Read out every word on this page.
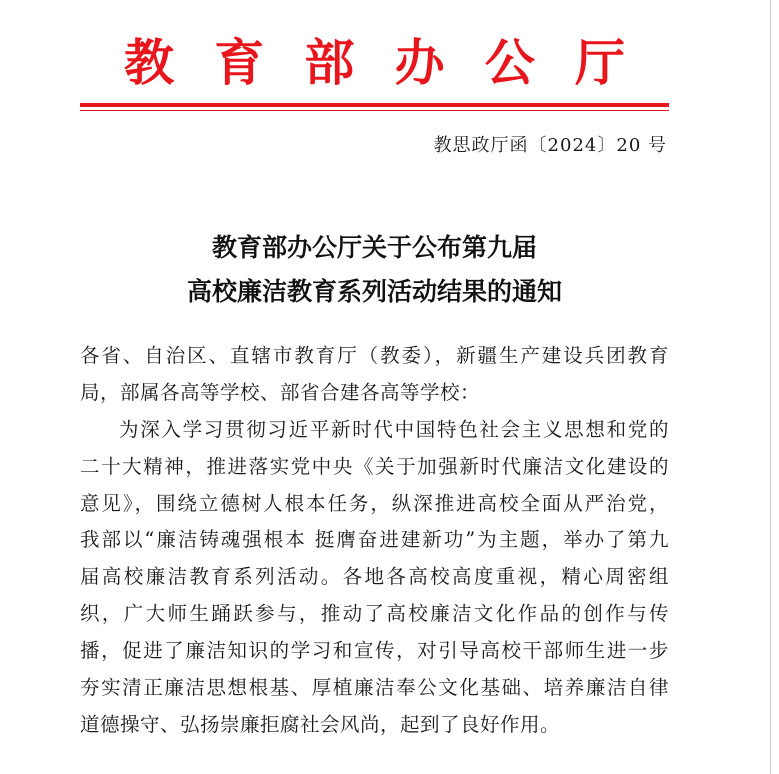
教 育 部 办 公 厅
教思政厅函〔2024〕20 号
教育部办公厅关于公布第九届
高校廉洁教育系列活动结果的通知
各省、自治区、直辖市教育厅（教委），新疆生产建设兵团教育
局，部属各高等学校、部省合建各高等学校：
为深入学习贯彻习近平新时代中国特色社会主义思想和党的
二十大精神，推进落实党中央《关于加强新时代廉洁文化建设的
意见》，围绕立德树人根本任务，纵深推进高校全面从严治党，
我部以“廉洁铸魂强根本 挺膺奋进建新功”为主题，举办了第九
届高校廉洁教育系列活动。各地各高校高度重视，精心周密组
织，广大师生踊跃参与，推动了高校廉洁文化作品的创作与传
播，促进了廉洁知识的学习和宣传，对引导高校干部师生进一步
夯实清正廉洁思想根基、厚植廉洁奉公文化基础、培养廉洁自律
道德操守、弘扬崇廉拒腐社会风尚，起到了良好作用。
